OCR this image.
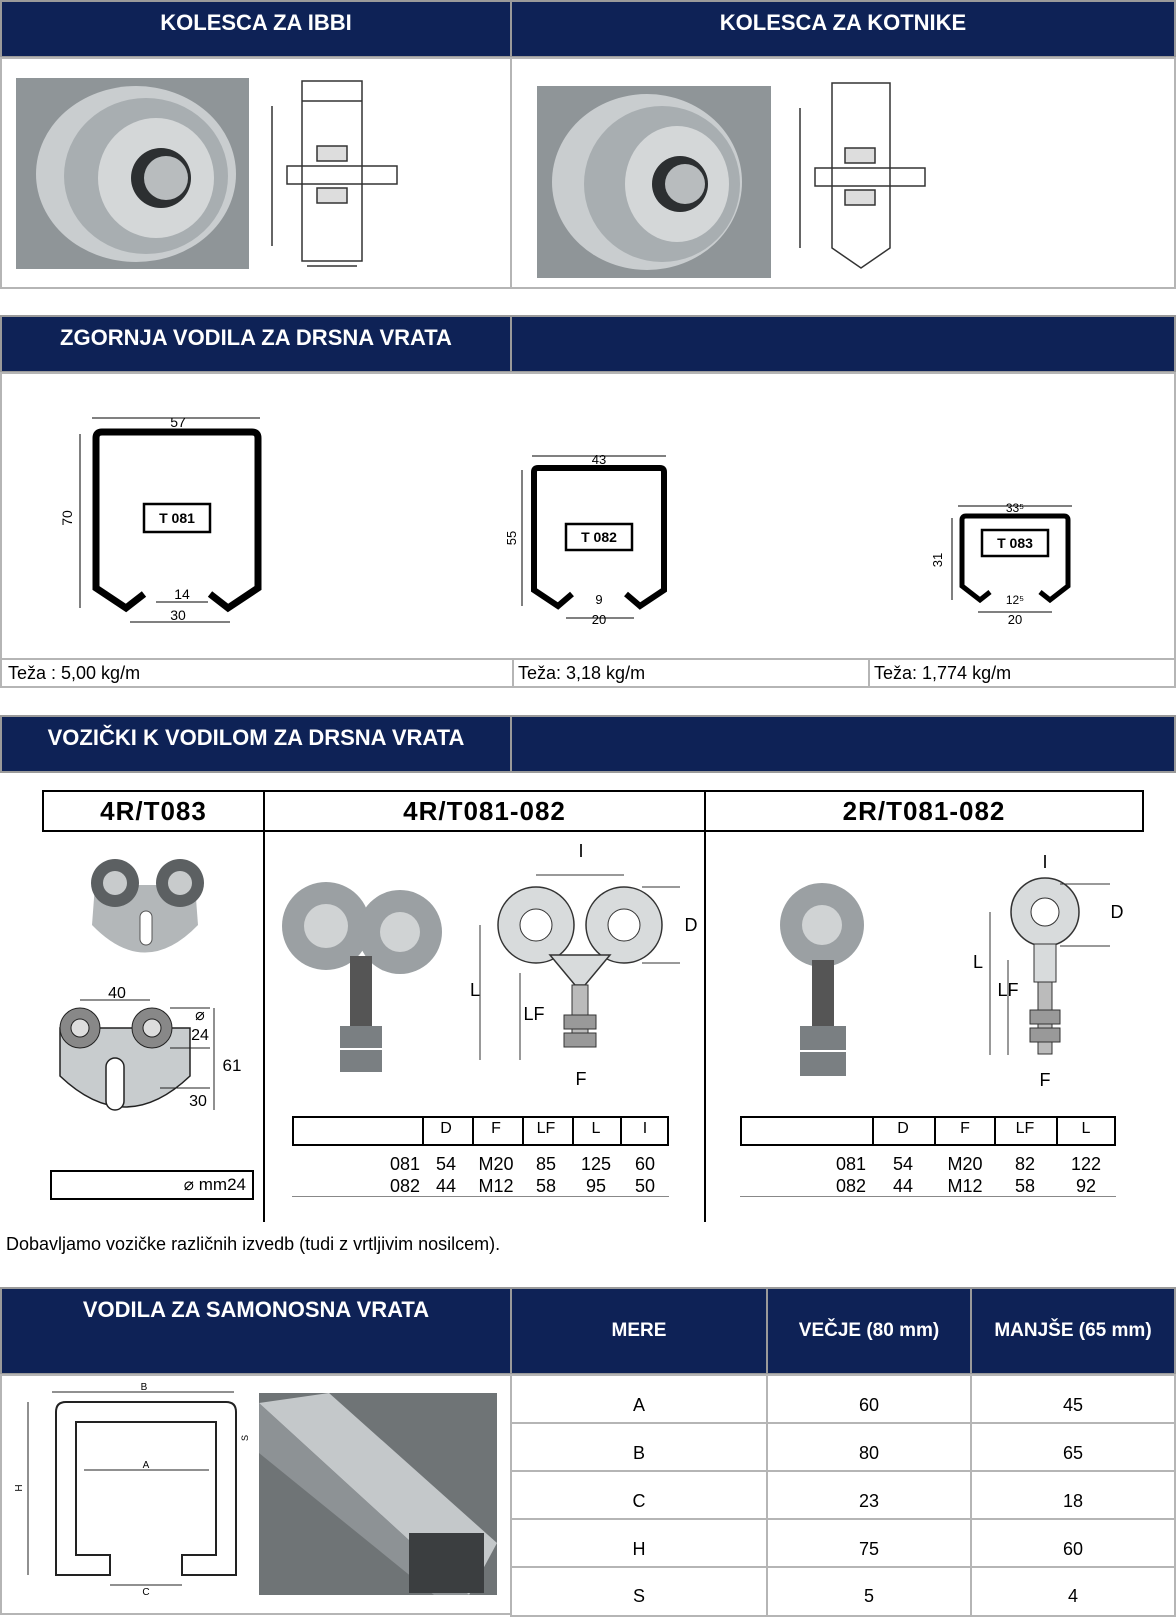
KOLESCA ZA IBBI	KOLESCA ZA KOTNIKE
ZGORNJA VODILA ZA DRSNA VRATA
T 081
57
70
14
30
T 082
43
55
9
20
T 083
33⁵
31
12⁵
20
Teža : 5,00 kg/m	Teža: 3,18 kg/m	Teža: 1,774 kg/m
VOZIČKI K VODILOM ZA DRSNA VRATA
4R/T083	4R/T081-082	2R/T081-082
40
⌀
24
61
30
⌀ mm24
I
D
L
LF
F
I
D
L
LF
F
D	F	LF	L	I
081 54	M20	85	125	60
082 44	M12	58	95	50
D	F	LF	L
081	54	M20	82	122
082	44	M12	58	92
Dobavljamo vozičke različnih izvedb (tudi z vrtljivim nosilcem).
VODILA ZA SAMONOSNA VRATA
MERE	VEČJE (80 mm)	MANJŠE (65 mm)
B
A
C
H
S
A	60	45
B	80	65
C	23	18
H	75	60
S	5	4
